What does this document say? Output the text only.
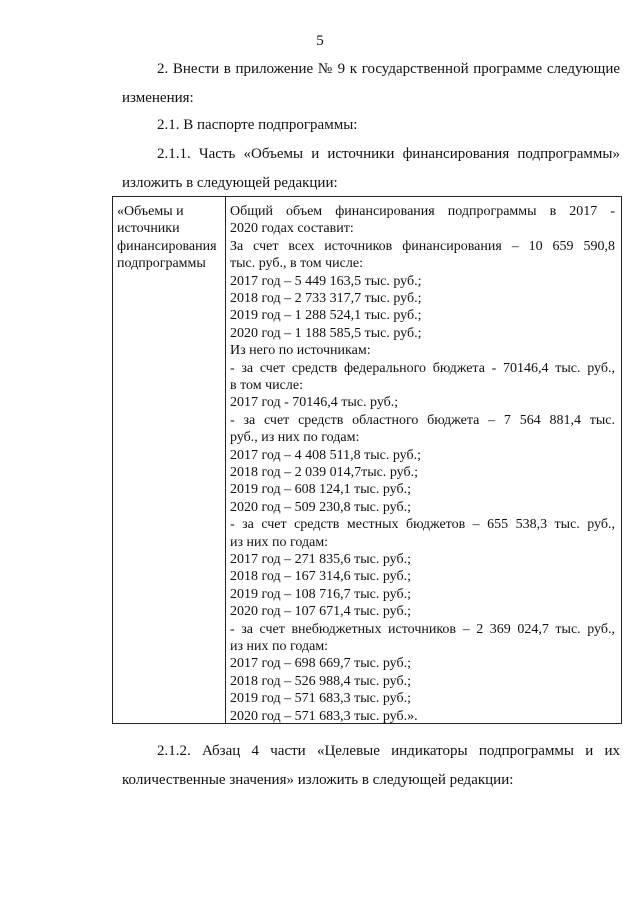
5
2. Внести в приложение № 9 к государственной программе следующие
изменения:
2.1. В паспорте подпрограммы:
2.1.1. Часть «Объемы и источники финансирования подпрограммы»
изложить в следующей редакции:
«Объемы и
источники
финансирования
подпрограммы
Общий объем финансирования подпрограммы в 2017 -
2020 годах составит:
За счет всех источников финансирования – 10 659 590,8
тыс. руб., в том числе:
2017 год – 5 449 163,5 тыс. руб.;
2018 год – 2 733 317,7 тыс. руб.;
2019 год – 1 288 524,1 тыс. руб.;
2020 год – 1 188 585,5 тыс. руб.;
Из него по источникам:
- за счет средств федерального бюджета - 70146,4 тыс. руб.,
в том числе:
2017 год - 70146,4 тыс. руб.;
- за счет средств областного бюджета – 7 564 881,4 тыс.
руб., из них по годам:
2017 год – 4 408 511,8 тыс. руб.;
2018 год – 2 039 014,7тыс. руб.;
2019 год – 608 124,1 тыс. руб.;
2020 год – 509 230,8 тыс. руб.;
- за счет средств местных бюджетов – 655 538,3 тыс. руб.,
из них по годам:
2017 год – 271 835,6 тыс. руб.;
2018 год – 167 314,6 тыс. руб.;
2019 год – 108 716,7 тыс. руб.;
2020 год – 107 671,4 тыс. руб.;
- за счет внебюджетных источников – 2 369 024,7 тыс. руб.,
из них по годам:
2017 год – 698 669,7 тыс. руб.;
2018 год – 526 988,4 тыс. руб.;
2019 год – 571 683,3 тыс. руб.;
2020 год – 571 683,3 тыс. руб.».
2.1.2. Абзац 4 части «Целевые индикаторы подпрограммы и их
количественные значения» изложить в следующей редакции:
